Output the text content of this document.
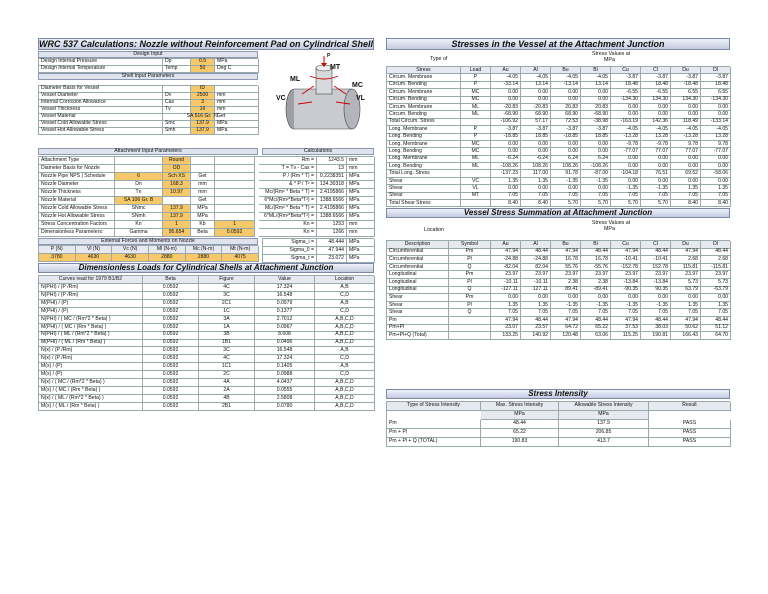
WRC 537 Calculations: Nozzle without Reinforcement Pad on Cylindrical Shell	Stresses in the Vessel at the Attachment Junction
Design Input
Design Internal Pressure	Dp	0.5	MPa
Design Internal Temperature	Temp	50	Deg C
Shell Input Parameters
Diameter Basis for Vessel	ID
Vessel Diameter	Dv	2500	mm
Internal Corrosion Allowance	Cas	3	mm
Vessel Thickness	Tv	16	mm
Vessel Material	SA 516 Gr. 70
Get
Vessel Cold Allowable Stress	Smc	137.9	MPa
Vessel Hot Allowable Stress	Smh	137.9	MPa
Attachment Input Parameters	Calculations
Attachment Type	Round	Rm =	1243.5 mm
Diameter Basis for Nozzle	OD	T = Tv - Cas =	13 mm
Nozzle Pipe NPS | Schedule	6	Sch XS	Get	P / (Rm * T) =	0.2238351 MPa
Nozzle Diameter	Dn	168.3	mm	& * P / T² =	134.30318 MPa
Nozzle Thickness	Tn	10.97	mm	Mc/(Rm² * Beta * T) =	2.4195866 MPa
Nozzle Material	SA 106 Gr. B	Get	6*Mc/(Rm²*Beta*T²) =	1388.6566 MPa
Nozzle Cold Allowable Stress	SNmc	137.9	MPa	ML/(Rm² * Beta * T) =	2.4195866 MPa
Nozzle Hot Allowable Stress	SNmh	137.9	MPa	6*ML/(Rm²*Beta*T²) =	1388.6566 MPa
Stress Concentration Factors	Kn	1	Kb	1	Kn =	1253 mm
Dimensionless Parameters:	Gamma	95.654	Beta	0.0592	Kn =	1266 mm
External Forces and Moments on Nozzle
P (N)	Vl (N)	Vc (N)	Ml (N-m)	Mc (N-m)	Mt (N-m)
3780	4630	4630	2880	2880	4075
Sigma_i =	48.444 MPa
Sigma_0 =	47.944 MPa
Sigma_t =	23.072 MPa
Dimensionless Loads for Cylindrical Shells at Attachment Junction
Curves read for 1979 B1/B2	Beta	Figure	Value	Location
N(PHI) / (P /Rm)	0.0592	4C	17.324	A,B
N(PHI) / (P /Rm)	0.0592	3C	16.548	C,D
M(PHI) / (P)	0.0592	2C1	0.0979	A,B
M(PHI) / (P)	0.0592	1C	0.1377	C,D
N(PHI) / ( MC / (Rm*2 * Beta) )	0.0592	3A	2.7012	A,B,C,D
M(PHI) / ( MC / (Rm * Beta) )	0.0592	1A	0.0967	A,B,C,D
N(PHI) / ( ML / (Rm*2 * Beta) )	0.0592	3B	8.608	A,B,C,D
M(PHI) / ( ML / (Rm * Beta) )	0.0592	1B1	0.0496	A,B,C,D
N(x) / (P /Rm)	0.0592	3C	16.548	A,B
N(x) / (P /Rm)	0.0592	4C	17.324	C,D
M(x) / (P)	0.0592	1C1	0.1405	A,B
M(x) / (P)	0.0592	2C	0.0988	C,D
N(x) / ( MC / (Rm*2 * Beta) )	0.0592	4A	4.0437	A,B,C,D
M(x) / ( MC / (Rm * Beta) )	0.0592	2A	0.0555	A,B,C,D
N(x) / ( ML / (Rm*2 * Beta) )	0.0592	4B	2.5808	A,B,C,D
M(x) / ( ML / (Rm * Beta) )	0.0592	2B1	0.0780	A,B,C,D
MT
P
ML
MC
VC	VL
Type of
Stress Values at
MPa
Stress	Load	Au	Al	Bu	Bl	Cu	Cl	Du	Dl
Circum. Membrane	P	-4.05	-4.05	-4.05	-4.05	-3.87	-3.87	-3.87	-3.87
Circum. Bending	P	-33.14	13.14	-13.14	13.14	18.48	18.48	-18.48	18.48
Circum. Membrane	MC	0.00	0.00	0.00	0.00	-6.55	-6.55	6.55	6.55
Circum. Bending	MC	0.00	0.00	0.00	0.00	-134.30	134.30	134.30	-134.30
Circum. Membrane	ML	-20.83	-20.83	20.83	20.83	0.00	0.00	0.00	0.00
Circum. Bending	ML	-68.90	68.90	68.90	-68.90	0.00	0.00	0.00	0.00
Total Circum. Stress	-106.92	57.17	72.53	-38.98	-163.19	142.36	118.49	-133.14
Long. Membrane	P	-3.87	-3.87	-3.87	-3.87	-4.05	-4.05	-4.05	-4.05
Long. Bending	P	-18.85	18.85	-18.85	18.85	-13.28	13.28	-13.28	13.28
Long. Membrane	MC	0.00	0.00	0.00	0.00	-9.78	-9.78	9.78	9.78
Long. Bending	MC	0.00	0.00	0.00	0.00	-77.07	77.07	77.07	-77.07
Long. Membrane	ML	-6.24	-6.24	6.24	6.24	0.00	0.00	0.00	0.00
Long. Bending	ML	-108.26	108.26	108.26	-108.26	0.00	0.00	0.00	0.00
Total Long. Stress	-137.23	117.00	91.78	-87.00	-104.18	76.51	69.52	-58.06
Shear	VC	1.35	1.35	-1.35	-1.35	0.00	0.00	0.00	0.00
Shear	VL	0.00	0.00	0.00	0.00	-1.35	-1.35	1.35	1.35
Shear	MT	7.05	7.05	7.05	7.05	7.05	7.05	7.05	7.05
Total Shear Stress	8.40	8.40	5.70	5.70	5.70	5.70	8.40	8.40
Vessel Stress Summation at Attachment Junction
Location
Stress Values at
MPa
Description	Symbol	Au	Al	Bu	Bl	Cu	Cl	Du	Dl
Circumferential	Pm	47.94	48.44	47.94	48.44	47.94	48.44	47.94	48.44
Circumferential	Pl	-24.88	-24.88	16.78	16.78	-10.41	-10.41	2.68	2.68
Circumferential	Q	-82.04	82.04	55.76	-55.76	-152.78	152.78	115.81	-115.81
Longitudinal	Pm	23.97	23.97	23.97	23.97	23.97	23.97	23.97	23.97
Longitudinal	Pl	-10.11	-10.11	2.38	2.38	-13.84	-13.84	5.73	5.73
Longitudinal	Q	-127.11	127.11	89.41	-89.41	-90.35	90.35	63.79	-63.79
Shear	Pm	0.00	0.00	0.00	0.00	0.00	0.00	0.00	0.00
Shear	Pl	1.35	1.35	-1.35	-1.35	-1.35	-1.35	1.35	1.35
Shear	Q	7.05	7.05	7.05	7.05	7.05	7.05	7.05	7.05
Pm	47.94	48.44	47.94	48.44	47.94	48.44	47.94	48.44
Pm+Pl	23.07	23.57	64.72	65.22	37.53	38.03	50.62	51.12
Pm+Pl+Q (Total)	133.25	140.92	120.48	63.06	115.25	190.81	166.43	64.70
Stress Intensity
Type of Stress Intensity	Max. Stress Intensity	Allowable Stress Intensity	Result
MPa	MPa
Pm	48.44	137.9	PASS
Pm + Pl	65.22	206.85	PASS
Pm + Pl + Q (TOTAL)	190.83	413.7	PASS
